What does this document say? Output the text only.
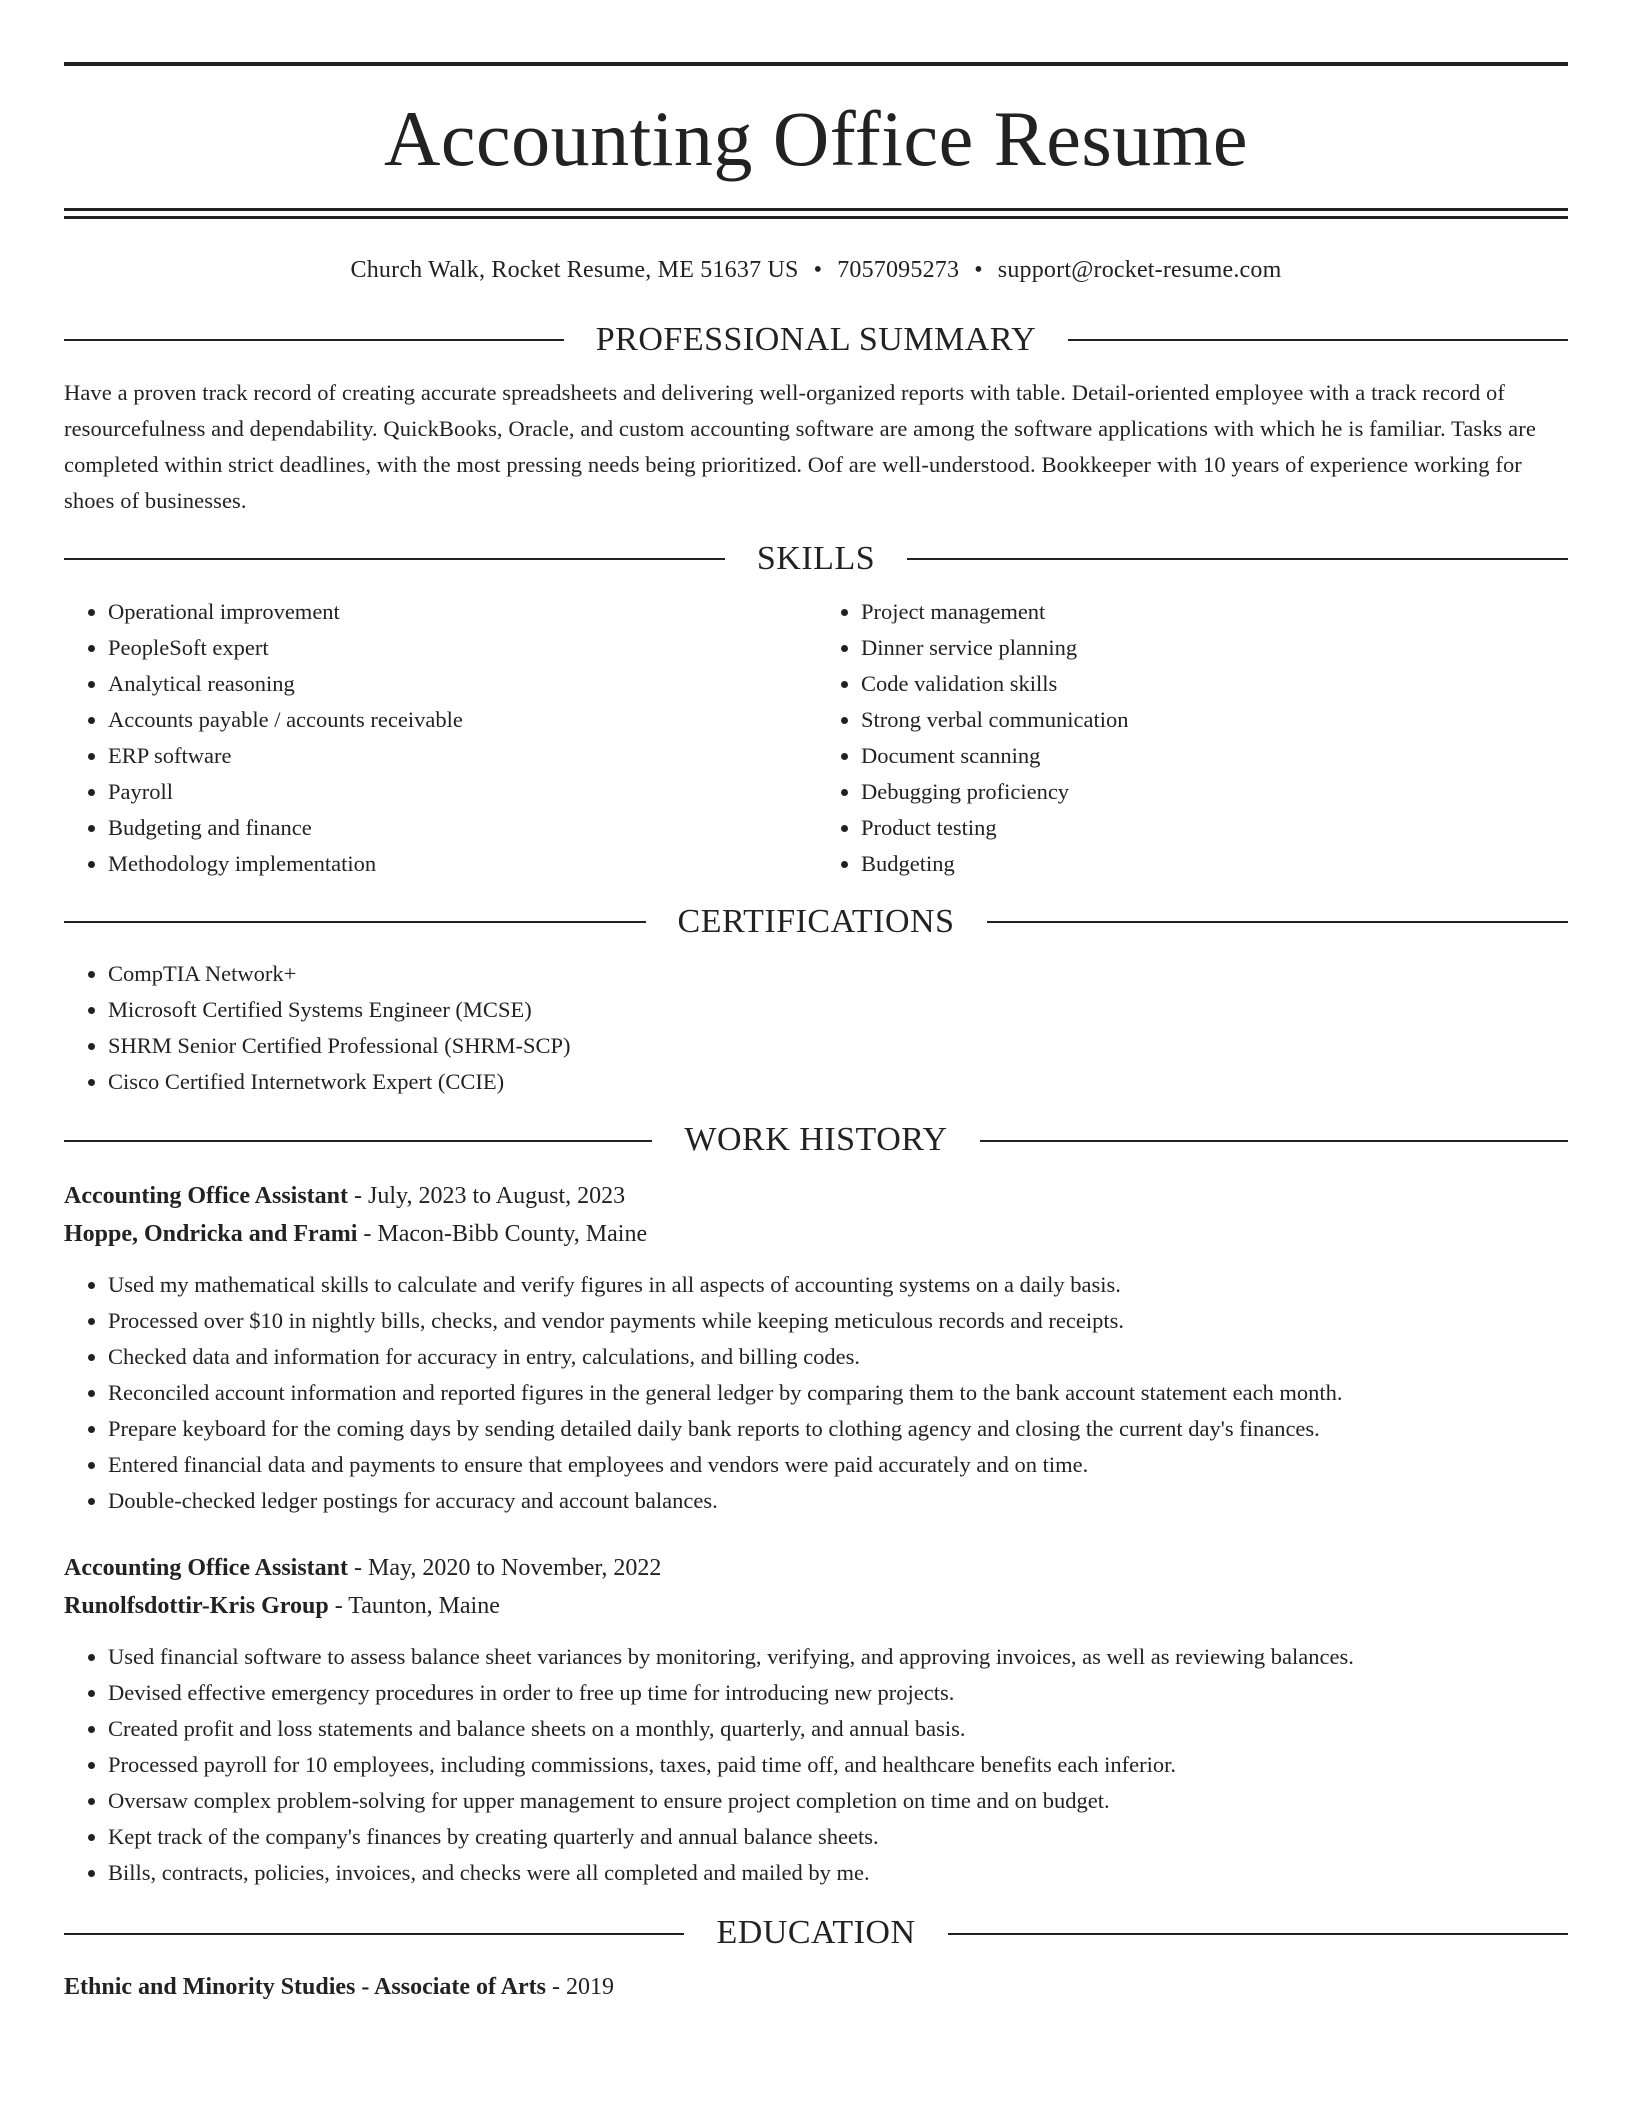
Accounting Office Resume
Church Walk, Rocket Resume, ME 51637 US • 7057095273 • support@rocket-resume.com
PROFESSIONAL SUMMARY

Have a proven track record of creating accurate spreadsheets and delivering well-organized reports with table. Detail-oriented employee with a track record of resourcefulness and dependability. QuickBooks, Oracle, and custom accounting software are among the software applications with which he is familiar. Tasks are completed within strict deadlines, with the most pressing needs being prioritized. Oof are well-understood. Bookkeeper with 10 years of experience working for shoes of businesses.

SKILLS
• Operational improvement
• PeopleSoft expert
• Analytical reasoning
• Accounts payable / accounts receivable
• ERP software
• Payroll
• Budgeting and finance
• Methodology implementation
• Project management
• Dinner service planning
• Code validation skills
• Strong verbal communication
• Document scanning
• Debugging proficiency
• Product testing
• Budgeting
CERTIFICATIONS
• CompTIA Network+
• Microsoft Certified Systems Engineer (MCSE)
• SHRM Senior Certified Professional (SHRM-SCP)
• Cisco Certified Internetwork Expert (CCIE)
WORK HISTORY
Accounting Office Assistant - July, 2023 to August, 2023
Hoppe, Ondricka and Frami - Macon-Bibb County, Maine
• Used my mathematical skills to calculate and verify figures in all aspects of accounting systems on a daily basis.
• Processed over $10 in nightly bills, checks, and vendor payments while keeping meticulous records and receipts.
• Checked data and information for accuracy in entry, calculations, and billing codes.
• Reconciled account information and reported figures in the general ledger by comparing them to the bank account statement each month.
• Prepare keyboard for the coming days by sending detailed daily bank reports to clothing agency and closing the current day's finances.
• Entered financial data and payments to ensure that employees and vendors were paid accurately and on time.
• Double-checked ledger postings for accuracy and account balances.
Accounting Office Assistant - May, 2020 to November, 2022
Runolfsdottir-Kris Group - Taunton, Maine
• Used financial software to assess balance sheet variances by monitoring, verifying, and approving invoices, as well as reviewing balances.
• Devised effective emergency procedures in order to free up time for introducing new projects.
• Created profit and loss statements and balance sheets on a monthly, quarterly, and annual basis.
• Processed payroll for 10 employees, including commissions, taxes, paid time off, and healthcare benefits each inferior.
• Oversaw complex problem-solving for upper management to ensure project completion on time and on budget.
• Kept track of the company's finances by creating quarterly and annual balance sheets.
• Bills, contracts, policies, invoices, and checks were all completed and mailed by me.
EDUCATION
Ethnic and Minority Studies - Associate of Arts - 2019
